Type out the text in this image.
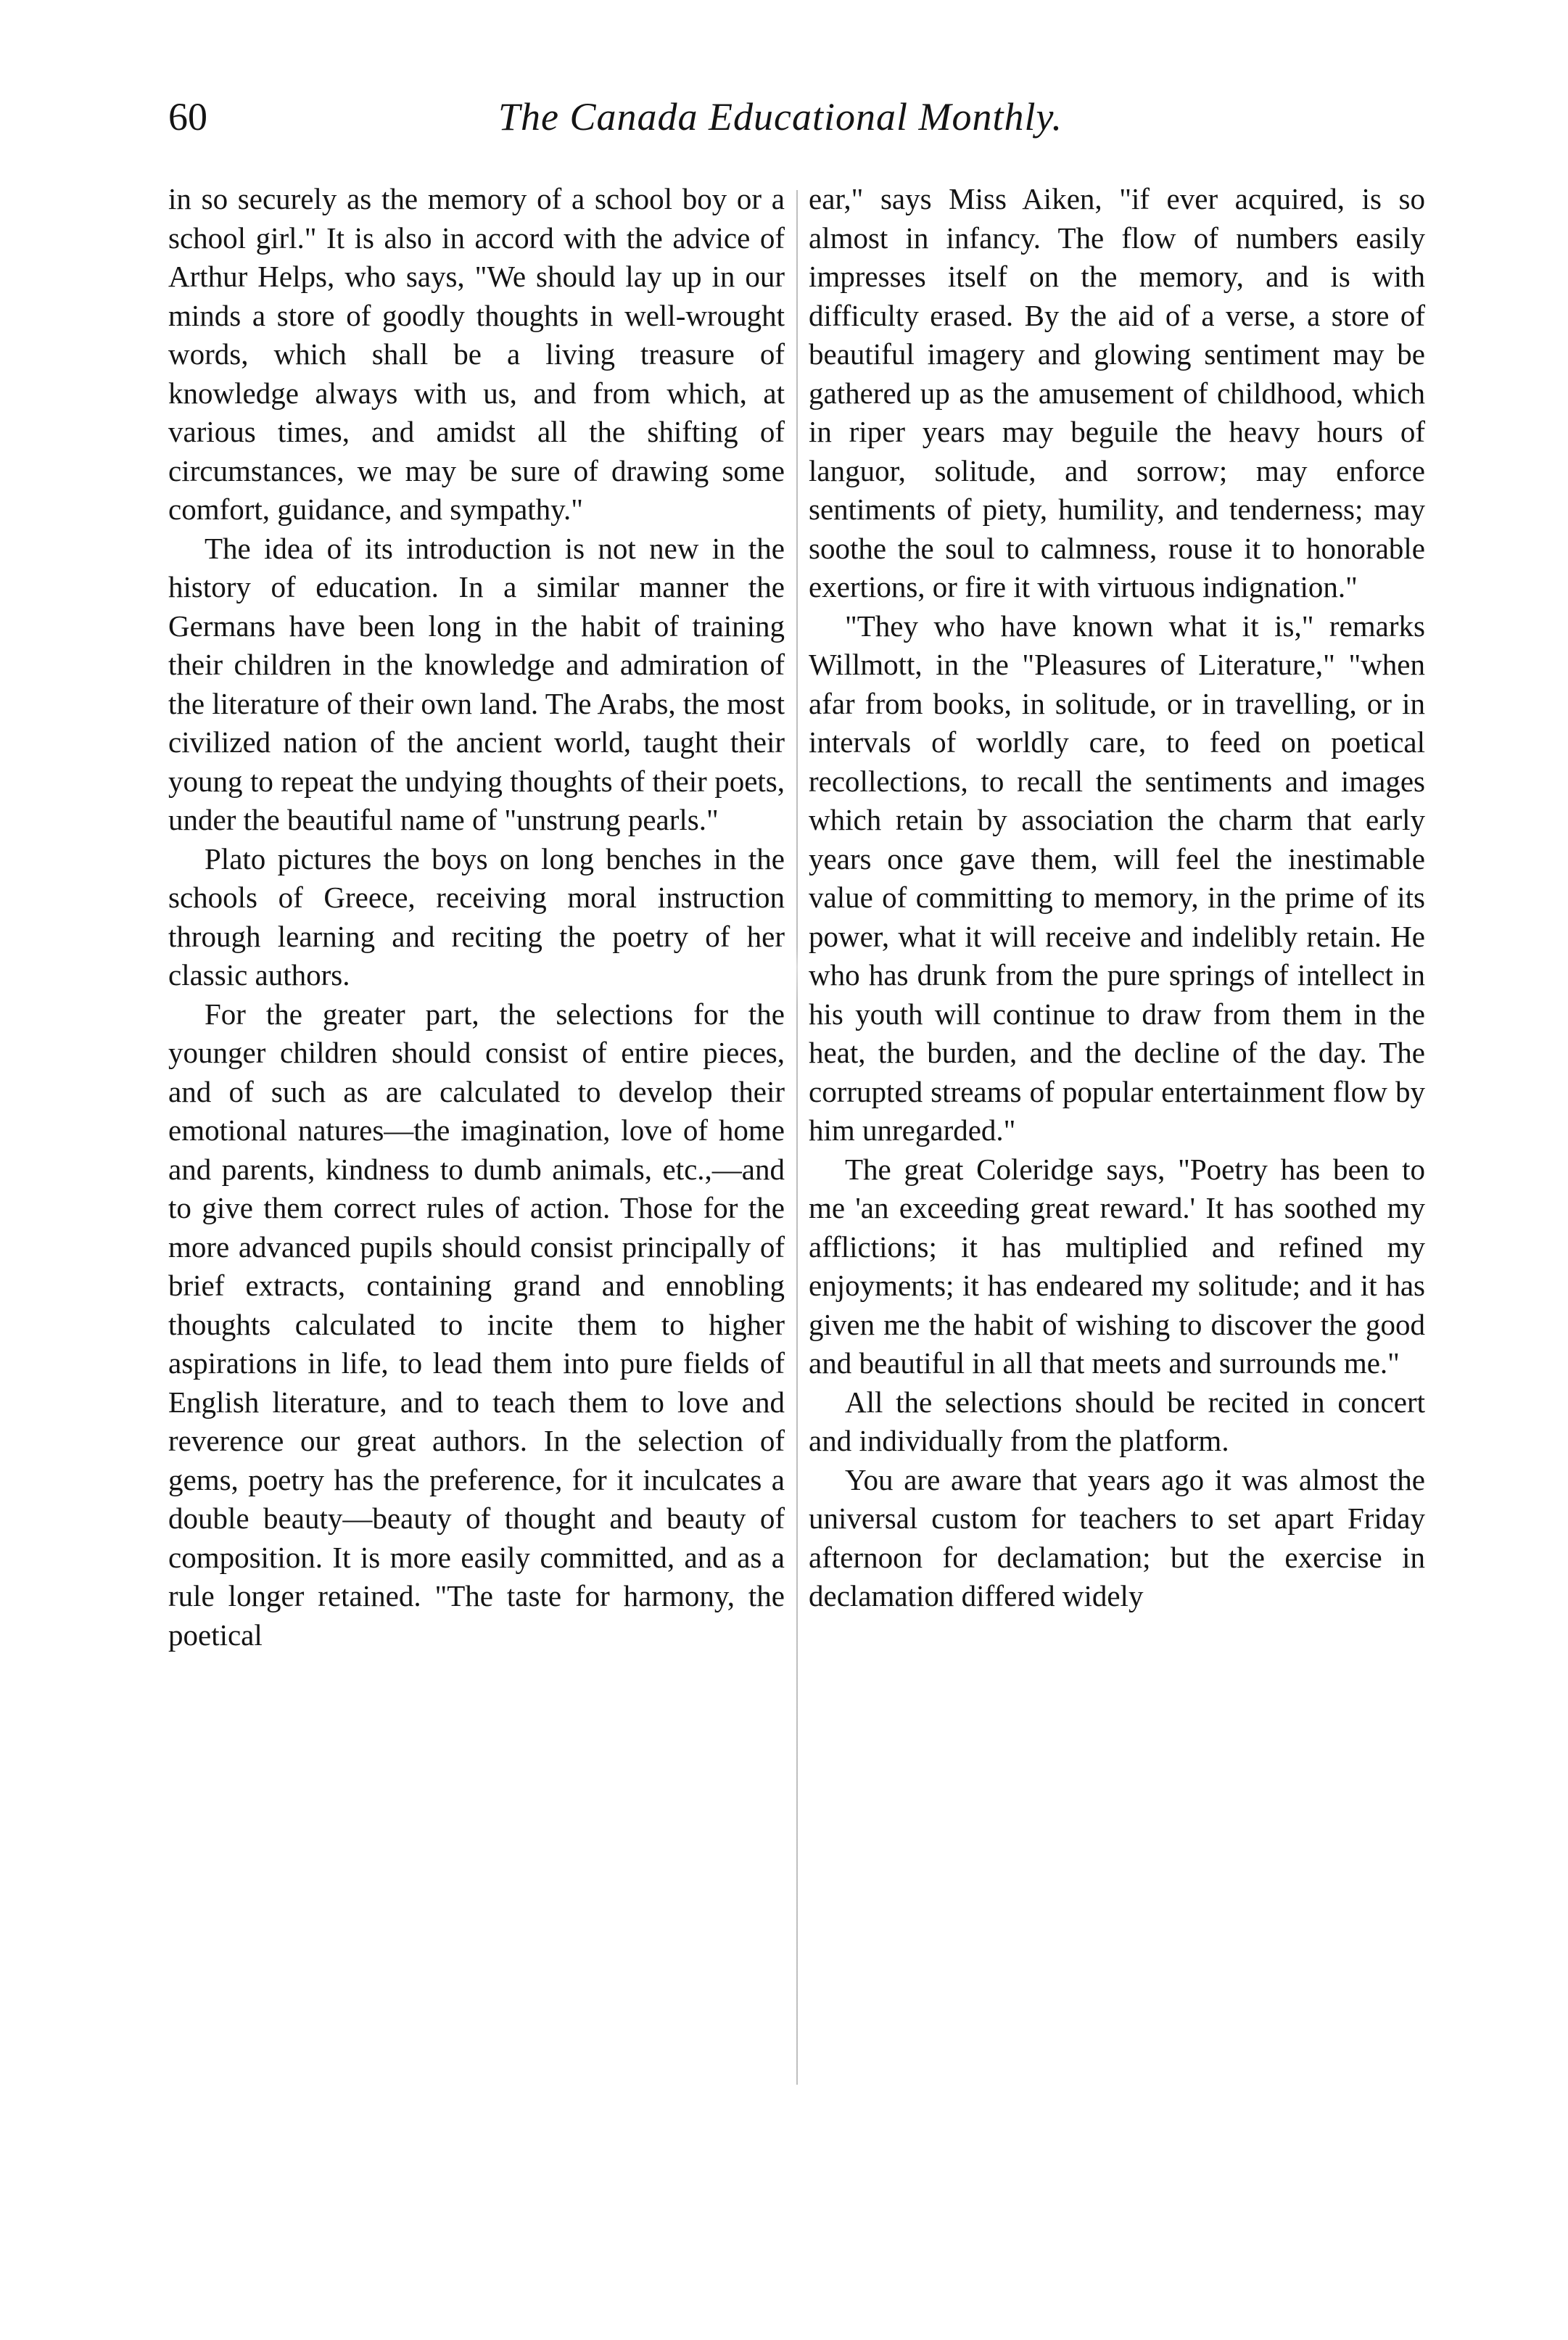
60	The Canada Educational Monthly.

in so securely as the memory of a school boy or a school girl." It is also in accord with the advice of Arthur Helps, who says, "We should lay up in our minds a store of goodly thoughts in well-wrought words, which shall be a living treasure of knowledge always with us, and from which, at various times, and amidst all the shifting of circumstances, we may be sure of drawing some comfort, guidance, and sympathy."

The idea of its introduction is not new in the history of education. In a similar manner the Germans have been long in the habit of training their children in the knowledge and admiration of the literature of their own land. The Arabs, the most civilized nation of the ancient world, taught their young to repeat the undying thoughts of their poets, under the beautiful name of "unstrung pearls."

Plato pictures the boys on long benches in the schools of Greece, receiving moral instruction through learning and reciting the poetry of her classic authors.

For the greater part, the selections for the younger children should consist of entire pieces, and of such as are calculated to develop their emotional natures—the imagination, love of home and parents, kindness to dumb animals, etc.,—and to give them correct rules of action. Those for the more advanced pupils should consist principally of brief extracts, containing grand and ennobling thoughts calculated to incite them to higher aspirations in life, to lead them into pure fields of English literature, and to teach them to love and reverence our great authors. In the selection of gems, poetry has the preference, for it inculcates a double beauty—beauty of thought and beauty of composition. It is more easily committed, and as a rule longer retained. "The taste for harmony, the poetical

ear," says Miss Aiken, "if ever acquired, is so almost in infancy. The flow of numbers easily impresses itself on the memory, and is with difficulty erased. By the aid of a verse, a store of beautiful imagery and glowing sentiment may be gathered up as the amusement of childhood, which in riper years may beguile the heavy hours of languor, solitude, and sorrow; may enforce sentiments of piety, humility, and tenderness; may soothe the soul to calmness, rouse it to honorable exertions, or fire it with virtuous indignation."

"They who have known what it is," remarks Willmott, in the "Pleasures of Literature," "when afar from books, in solitude, or in travelling, or in intervals of worldly care, to feed on poetical recollections, to recall the sentiments and images which retain by association the charm that early years once gave them, will feel the inestimable value of committing to memory, in the prime of its power, what it will receive and indelibly retain. He who has drunk from the pure springs of intellect in his youth will continue to draw from them in the heat, the burden, and the decline of the day. The corrupted streams of popular entertainment flow by him unregarded."

The great Coleridge says, "Poetry has been to me 'an exceeding great reward.' It has soothed my afflictions; it has multiplied and refined my enjoyments; it has endeared my solitude; and it has given me the habit of wishing to discover the good and beautiful in all that meets and surrounds me."

All the selections should be recited in concert and individually from the platform.

You are aware that years ago it was almost the universal custom for teachers to set apart Friday afternoon for declamation; but the exercise in declamation differed widely
